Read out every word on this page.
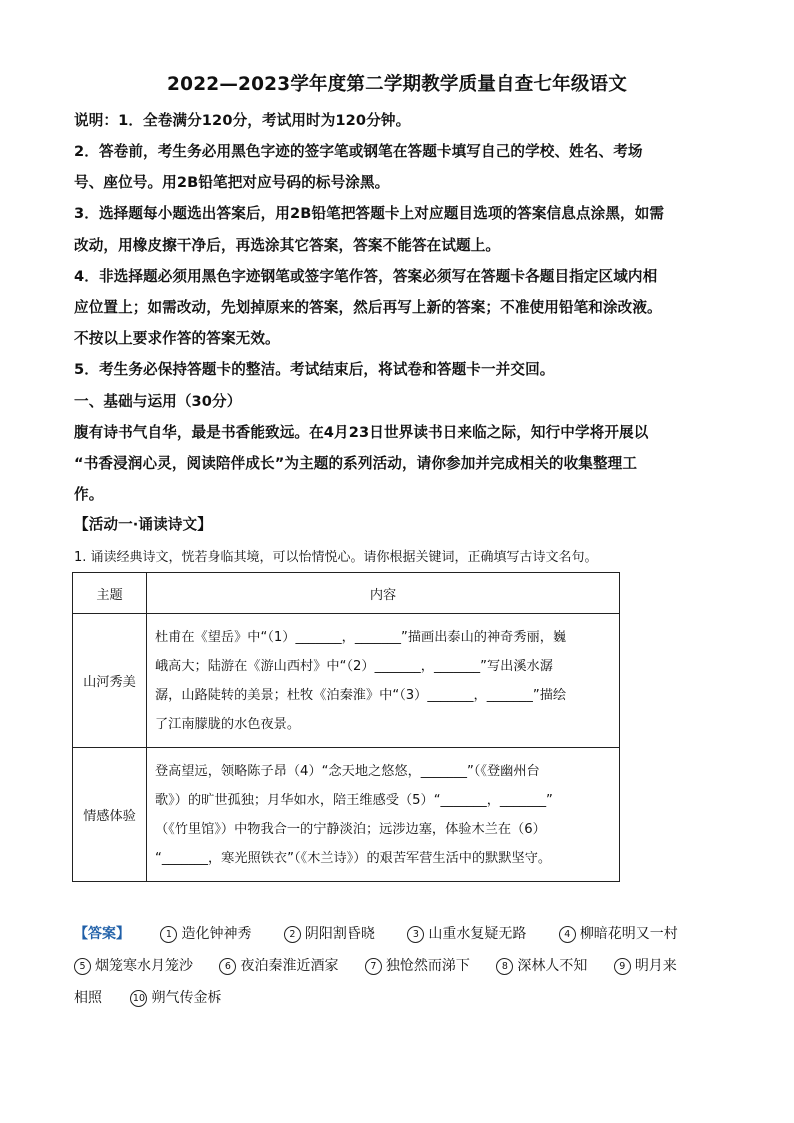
2022—2023学年度第二学期教学质量自查七年级语文
说明：1．全卷满分120分，考试用时为120分钟。
2．答卷前，考生务必用黑色字迹的签字笔或钢笔在答题卡填写自己的学校、姓名、考场
号、座位号。用2B铅笔把对应号码的标号涂黑。
3．选择题每小题选出答案后，用2B铅笔把答题卡上对应题目选项的答案信息点涂黑，如需
改动，用橡皮擦干净后，再选涂其它答案，答案不能答在试题上。
4．非选择题必须用黑色字迹钢笔或签字笔作答，答案必须写在答题卡各题目指定区域内相
应位置上；如需改动，先划掉原来的答案，然后再写上新的答案；不准使用铅笔和涂改液。
不按以上要求作答的答案无效。
5．考生务必保持答题卡的整洁。考试结束后，将试卷和答题卡一并交回。
一、基础与运用（30分）
腹有诗书气自华，最是书香能致远。在4月23日世界读书日来临之际，知行中学将开展以
“书香浸润心灵，阅读陪伴成长”为主题的系列活动，请你参加并完成相关的收集整理工
作。
【活动一·诵读诗文】
1. 诵读经典诗文，恍若身临其境，可以怡情悦心。请你根据关键词，正确填写古诗文名句。
主题	内容
山河秀美	杜甫在《望岳》中“（1）_______，_______”描画出泰山的神奇秀丽，巍
峨高大；陆游在《游山西村》中“（2）_______，_______”写出溪水潺
潺，山路陡转的美景；杜牧《泊秦淮》中“（3）_______，_______”描绘
了江南朦胧的水色夜景。

情感体验	登高望远，领略陈子昂（4）“念天地之悠悠，_______”（《登幽州台
歌》）的旷世孤独；月华如水，陪王维感受（5）“_______，_______”
（《竹里馆》）中物我合一的宁静淡泊；远涉边塞，体验木兰在（6）
“_______，寒光照铁衣”（《木兰诗》）的艰苦军营生活中的默默坚守。
【答案】	1 造化钟神秀	2 阴阳割昏晓	3 山重水复疑无路	4 柳暗花明又一村
5 烟笼寒水月笼沙	6 夜泊秦淮近酒家	7 独怆然而涕下	8 深林人不知	9 明月来
相照	10 朔气传金柝
